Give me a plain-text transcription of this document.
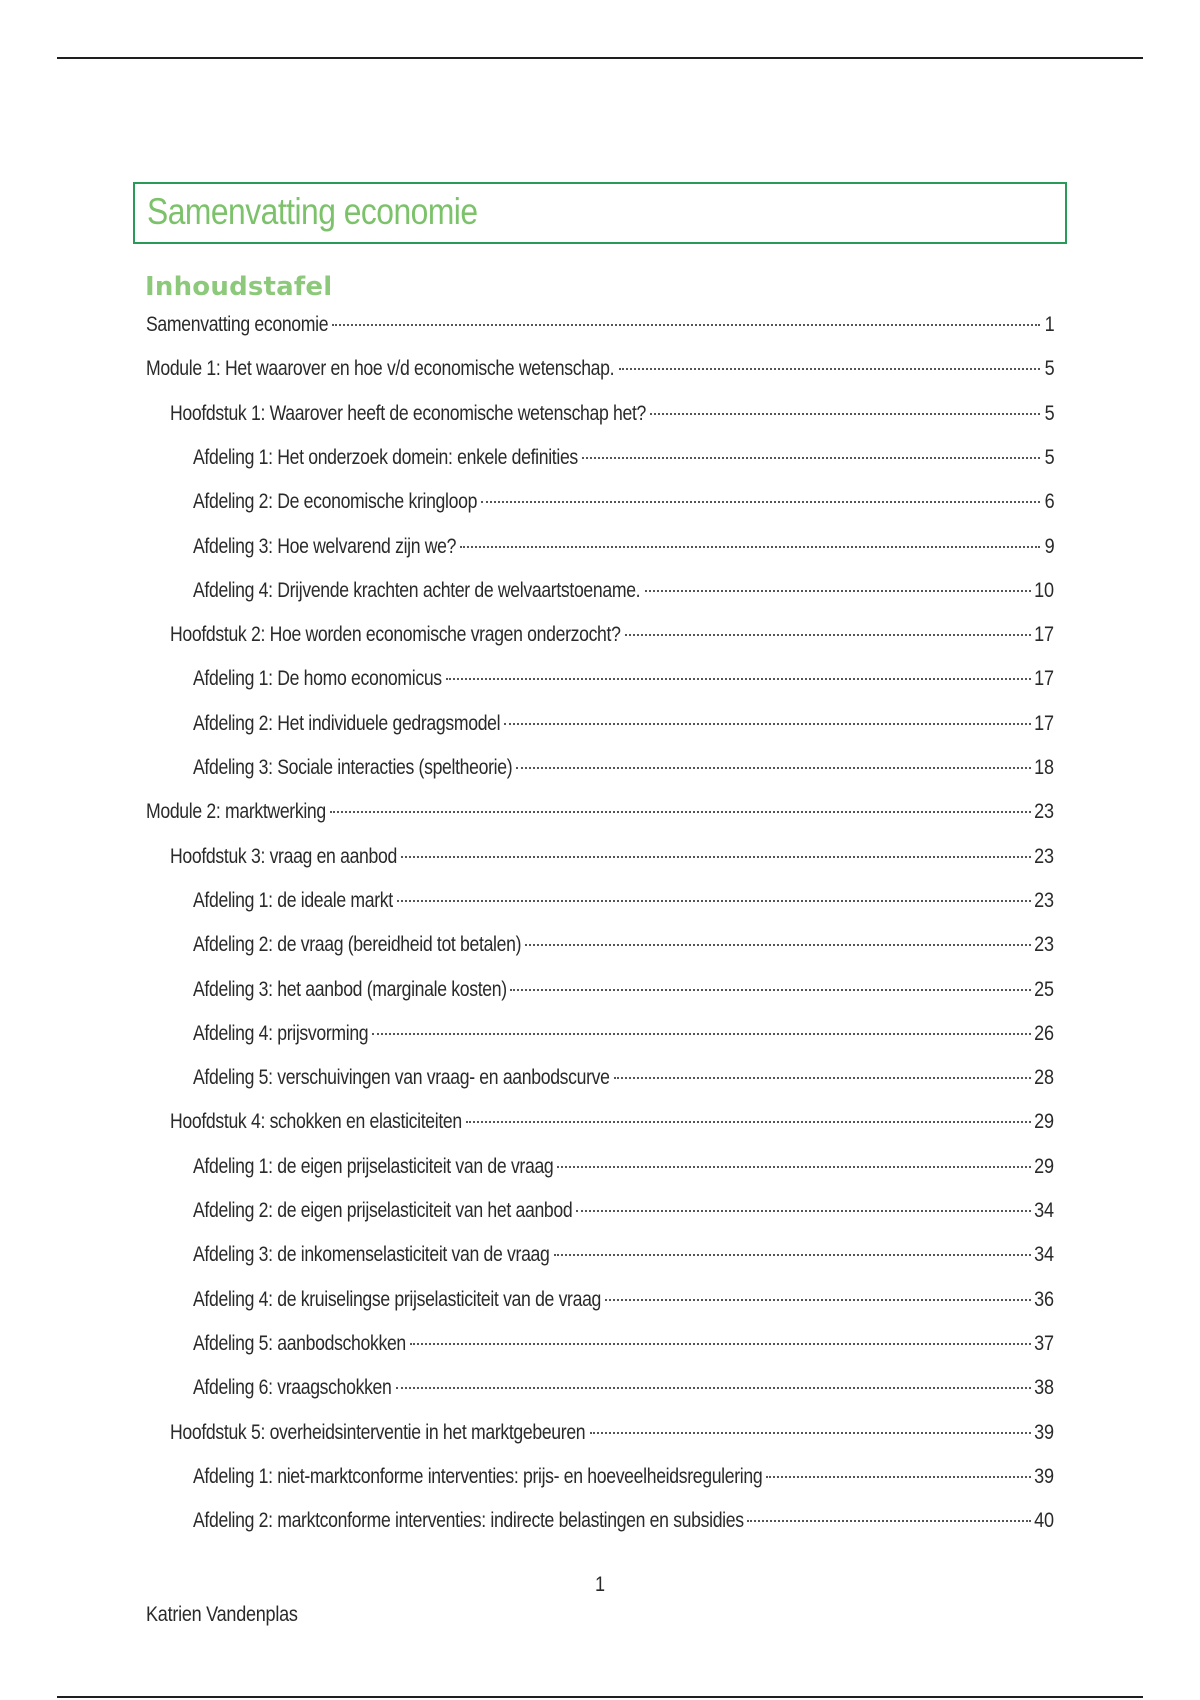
Samenvatting economie
Inhoudstafel
Samenvatting economie	1
Module 1: Het waarover en hoe v/d economische wetenschap.	5
Hoofdstuk 1: Waarover heeft de economische wetenschap het?	5
Afdeling 1: Het onderzoek domein: enkele definities	5
Afdeling 2: De economische kringloop	6
Afdeling 3: Hoe welvarend zijn we?	9
Afdeling 4: Drijvende krachten achter de welvaartstoename.	10
Hoofdstuk 2: Hoe worden economische vragen onderzocht?	17
Afdeling 1: De homo economicus	17
Afdeling 2: Het individuele gedragsmodel	17
Afdeling 3: Sociale interacties (speltheorie)	18
Module 2: marktwerking	23
Hoofdstuk 3: vraag en aanbod	23
Afdeling 1: de ideale markt	23
Afdeling 2: de vraag (bereidheid tot betalen)	23
Afdeling 3: het aanbod (marginale kosten)	25
Afdeling 4: prijsvorming	26
Afdeling 5: verschuivingen van vraag- en aanbodscurve	28
Hoofdstuk 4: schokken en elasticiteiten	29
Afdeling 1: de eigen prijselasticiteit van de vraag	29
Afdeling 2: de eigen prijselasticiteit van het aanbod	34
Afdeling 3: de inkomenselasticiteit van de vraag	34
Afdeling 4: de kruiselingse prijselasticiteit van de vraag	36
Afdeling 5: aanbodschokken	37
Afdeling 6: vraagschokken	38
Hoofdstuk 5: overheidsinterventie in het marktgebeuren	39
Afdeling 1: niet-marktconforme interventies: prijs- en hoeveelheidsregulering	39
Afdeling 2: marktconforme interventies: indirecte belastingen en subsidies	40
1
Katrien Vandenplas
